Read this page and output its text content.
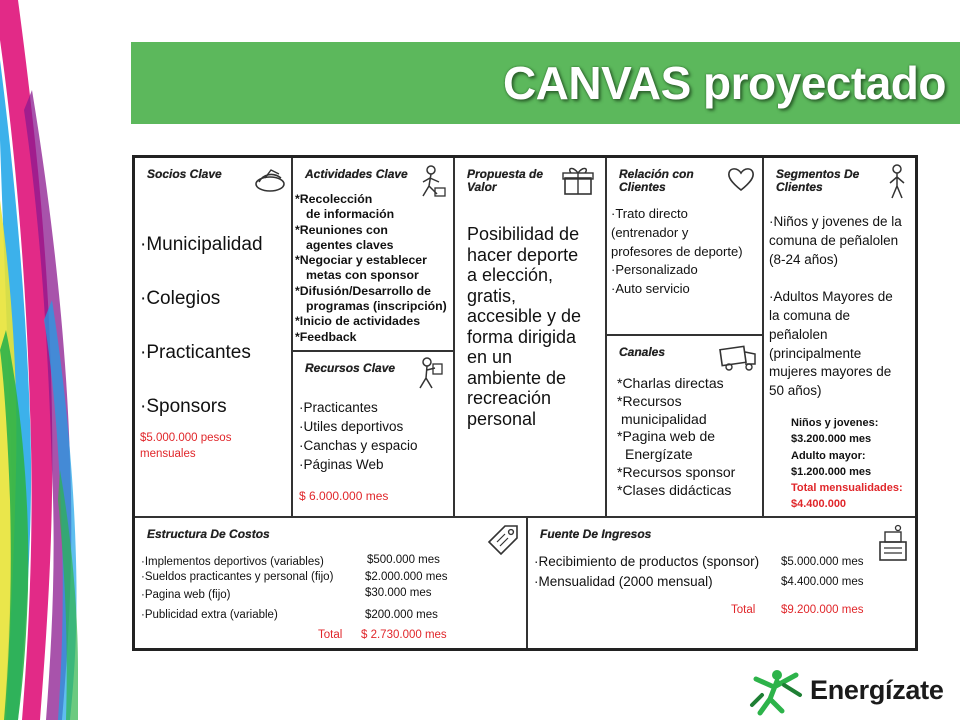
CANVAS proyectado
Socios Clave
·Municipalidad
·Colegios
·Practicantes
·Sponsors
$5.000.000 pesos
mensuales
Actividades Clave
*Recolección
de información
*Reuniones con
agentes claves
*Negociar y establecer
metas con sponsor
*Difusión/Desarrollo de
programas (inscripción)
*Inicio de actividades
*Feedback
Recursos Clave
·Practicantes
·Utiles deportivos
·Canchas y espacio
·Páginas Web
$ 6.000.000 mes
Propuesta de
Valor
Posibilidad de
hacer deporte
a elección,
gratis,
accesible y de
forma dirigida
en un
ambiente de
recreación
personal
Relación con
Clientes
·Trato directo
(entrenador y
profesores de deporte)
·Personalizado
·Auto servicio
Canales
*Charlas directas
*Recursos
municipalidad
*Pagina web de
Energízate
*Recursos sponsor
*Clases didácticas
Segmentos De
Clientes
·Niños y jovenes de la
comuna de peñalolen
(8-24 años)
·Adultos Mayores de
la comuna de
peñalolen
(principalmente
mujeres mayores de
50 años)
Niños y jovenes:
$3.200.000 mes
Adulto mayor:
$1.200.000 mes
Total mensualidades:
$4.400.000
Estructura De Costos
·Implementos deportivos (variables)	$500.000 mes
·Sueldos practicantes y personal (fijo)	$2.000.000 mes
·Pagina web (fijo)	$30.000 mes
·Publicidad extra (variable)	$200.000 mes
Total $ 2.730.000 mes
Fuente De Ingresos
·Recibimiento de productos (sponsor) $5.000.000 mes
·Mensualidad (2000 mensual)	$4.400.000 mes
Total $9.200.000 mes
Energízate
